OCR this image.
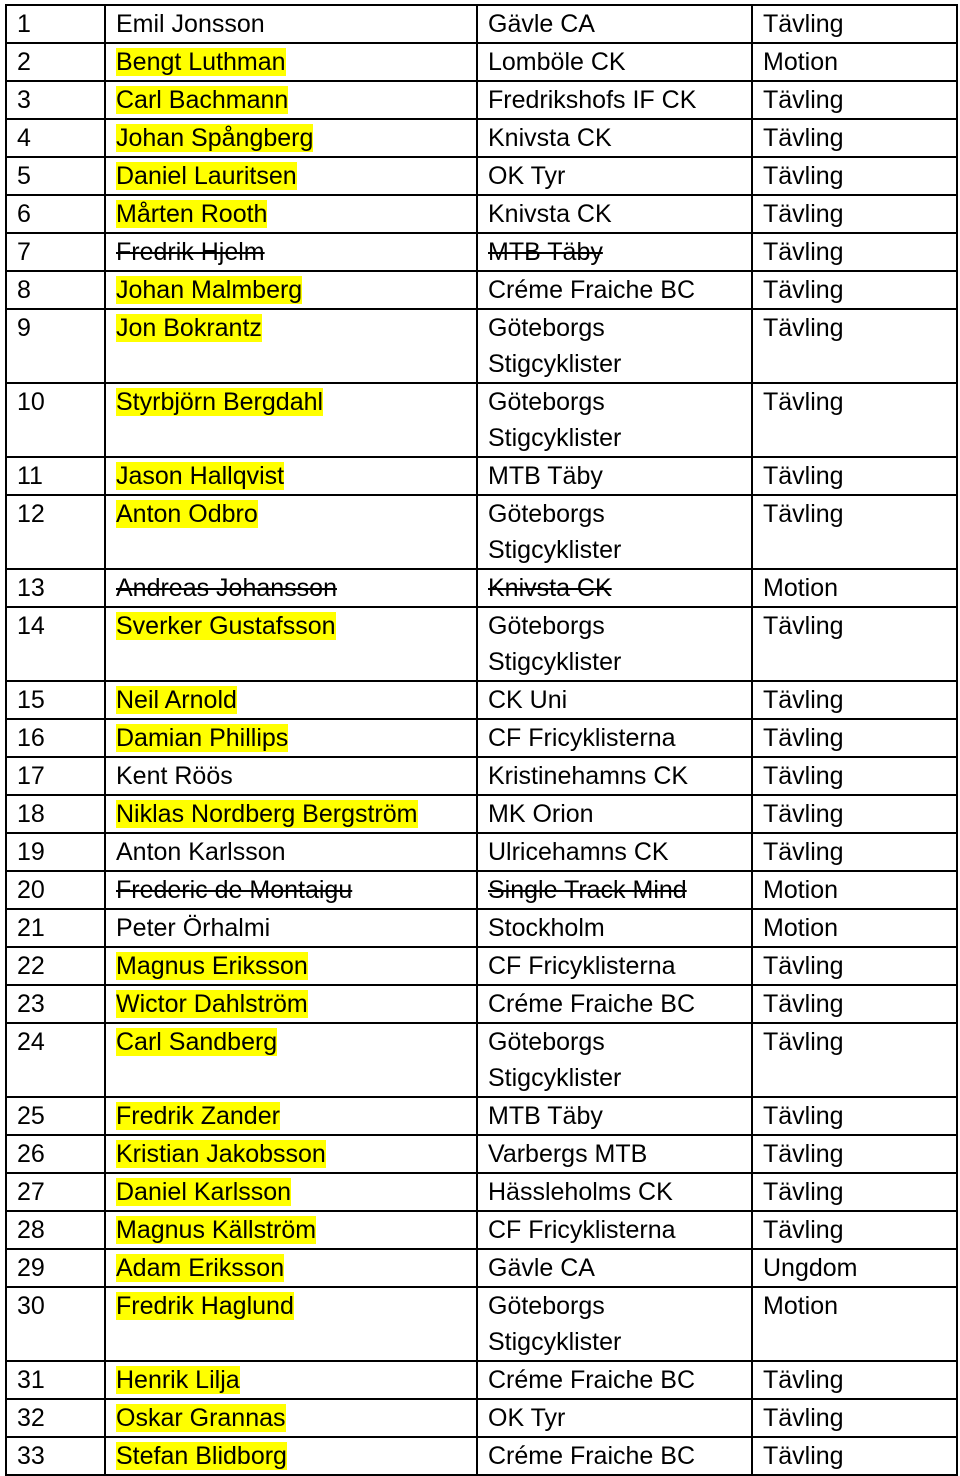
1	Emil Jonsson	Gävle CA	Tävling
2	Bengt Luthman	Lomböle CK	Motion
3	Carl Bachmann	Fredrikshofs IF CK	Tävling
4	Johan Spångberg	Knivsta CK	Tävling
5	Daniel Lauritsen	OK Tyr	Tävling
6	Mårten Rooth	Knivsta CK	Tävling
7	Fredrik Hjelm	MTB Täby	Tävling
8	Johan Malmberg	Créme Fraiche BC	Tävling
9	Jon Bokrantz	Göteborgs Stigcyklister	Tävling
10	Styrbjörn Bergdahl	Göteborgs Stigcyklister	Tävling
11	Jason Hallqvist	MTB Täby	Tävling
12	Anton Odbro	Göteborgs Stigcyklister	Tävling
13	Andreas Johansson	Knivsta CK	Motion
14	Sverker Gustafsson	Göteborgs Stigcyklister	Tävling
15	Neil Arnold	CK Uni	Tävling
16	Damian Phillips	CF Fricyklisterna	Tävling
17	Kent Röös	Kristinehamns CK	Tävling
18	Niklas Nordberg Bergström	MK Orion	Tävling
19	Anton Karlsson	Ulricehamns CK	Tävling
20	Frederic de Montaigu	Single Track Mind	Motion
21	Peter Örhalmi	Stockholm	Motion
22	Magnus Eriksson	CF Fricyklisterna	Tävling
23	Wictor Dahlström	Créme Fraiche BC	Tävling
24	Carl Sandberg	Göteborgs Stigcyklister	Tävling
25	Fredrik Zander	MTB Täby	Tävling
26	Kristian Jakobsson	Varbergs MTB	Tävling
27	Daniel Karlsson	Hässleholms CK	Tävling
28	Magnus Källström	CF Fricyklisterna	Tävling
29	Adam Eriksson	Gävle CA	Ungdom
30	Fredrik Haglund	Göteborgs Stigcyklister	Motion
31	Henrik Lilja	Créme Fraiche BC	Tävling
32	Oskar Grannas	OK Tyr	Tävling
33	Stefan Blidborg	Créme Fraiche BC	Tävling
